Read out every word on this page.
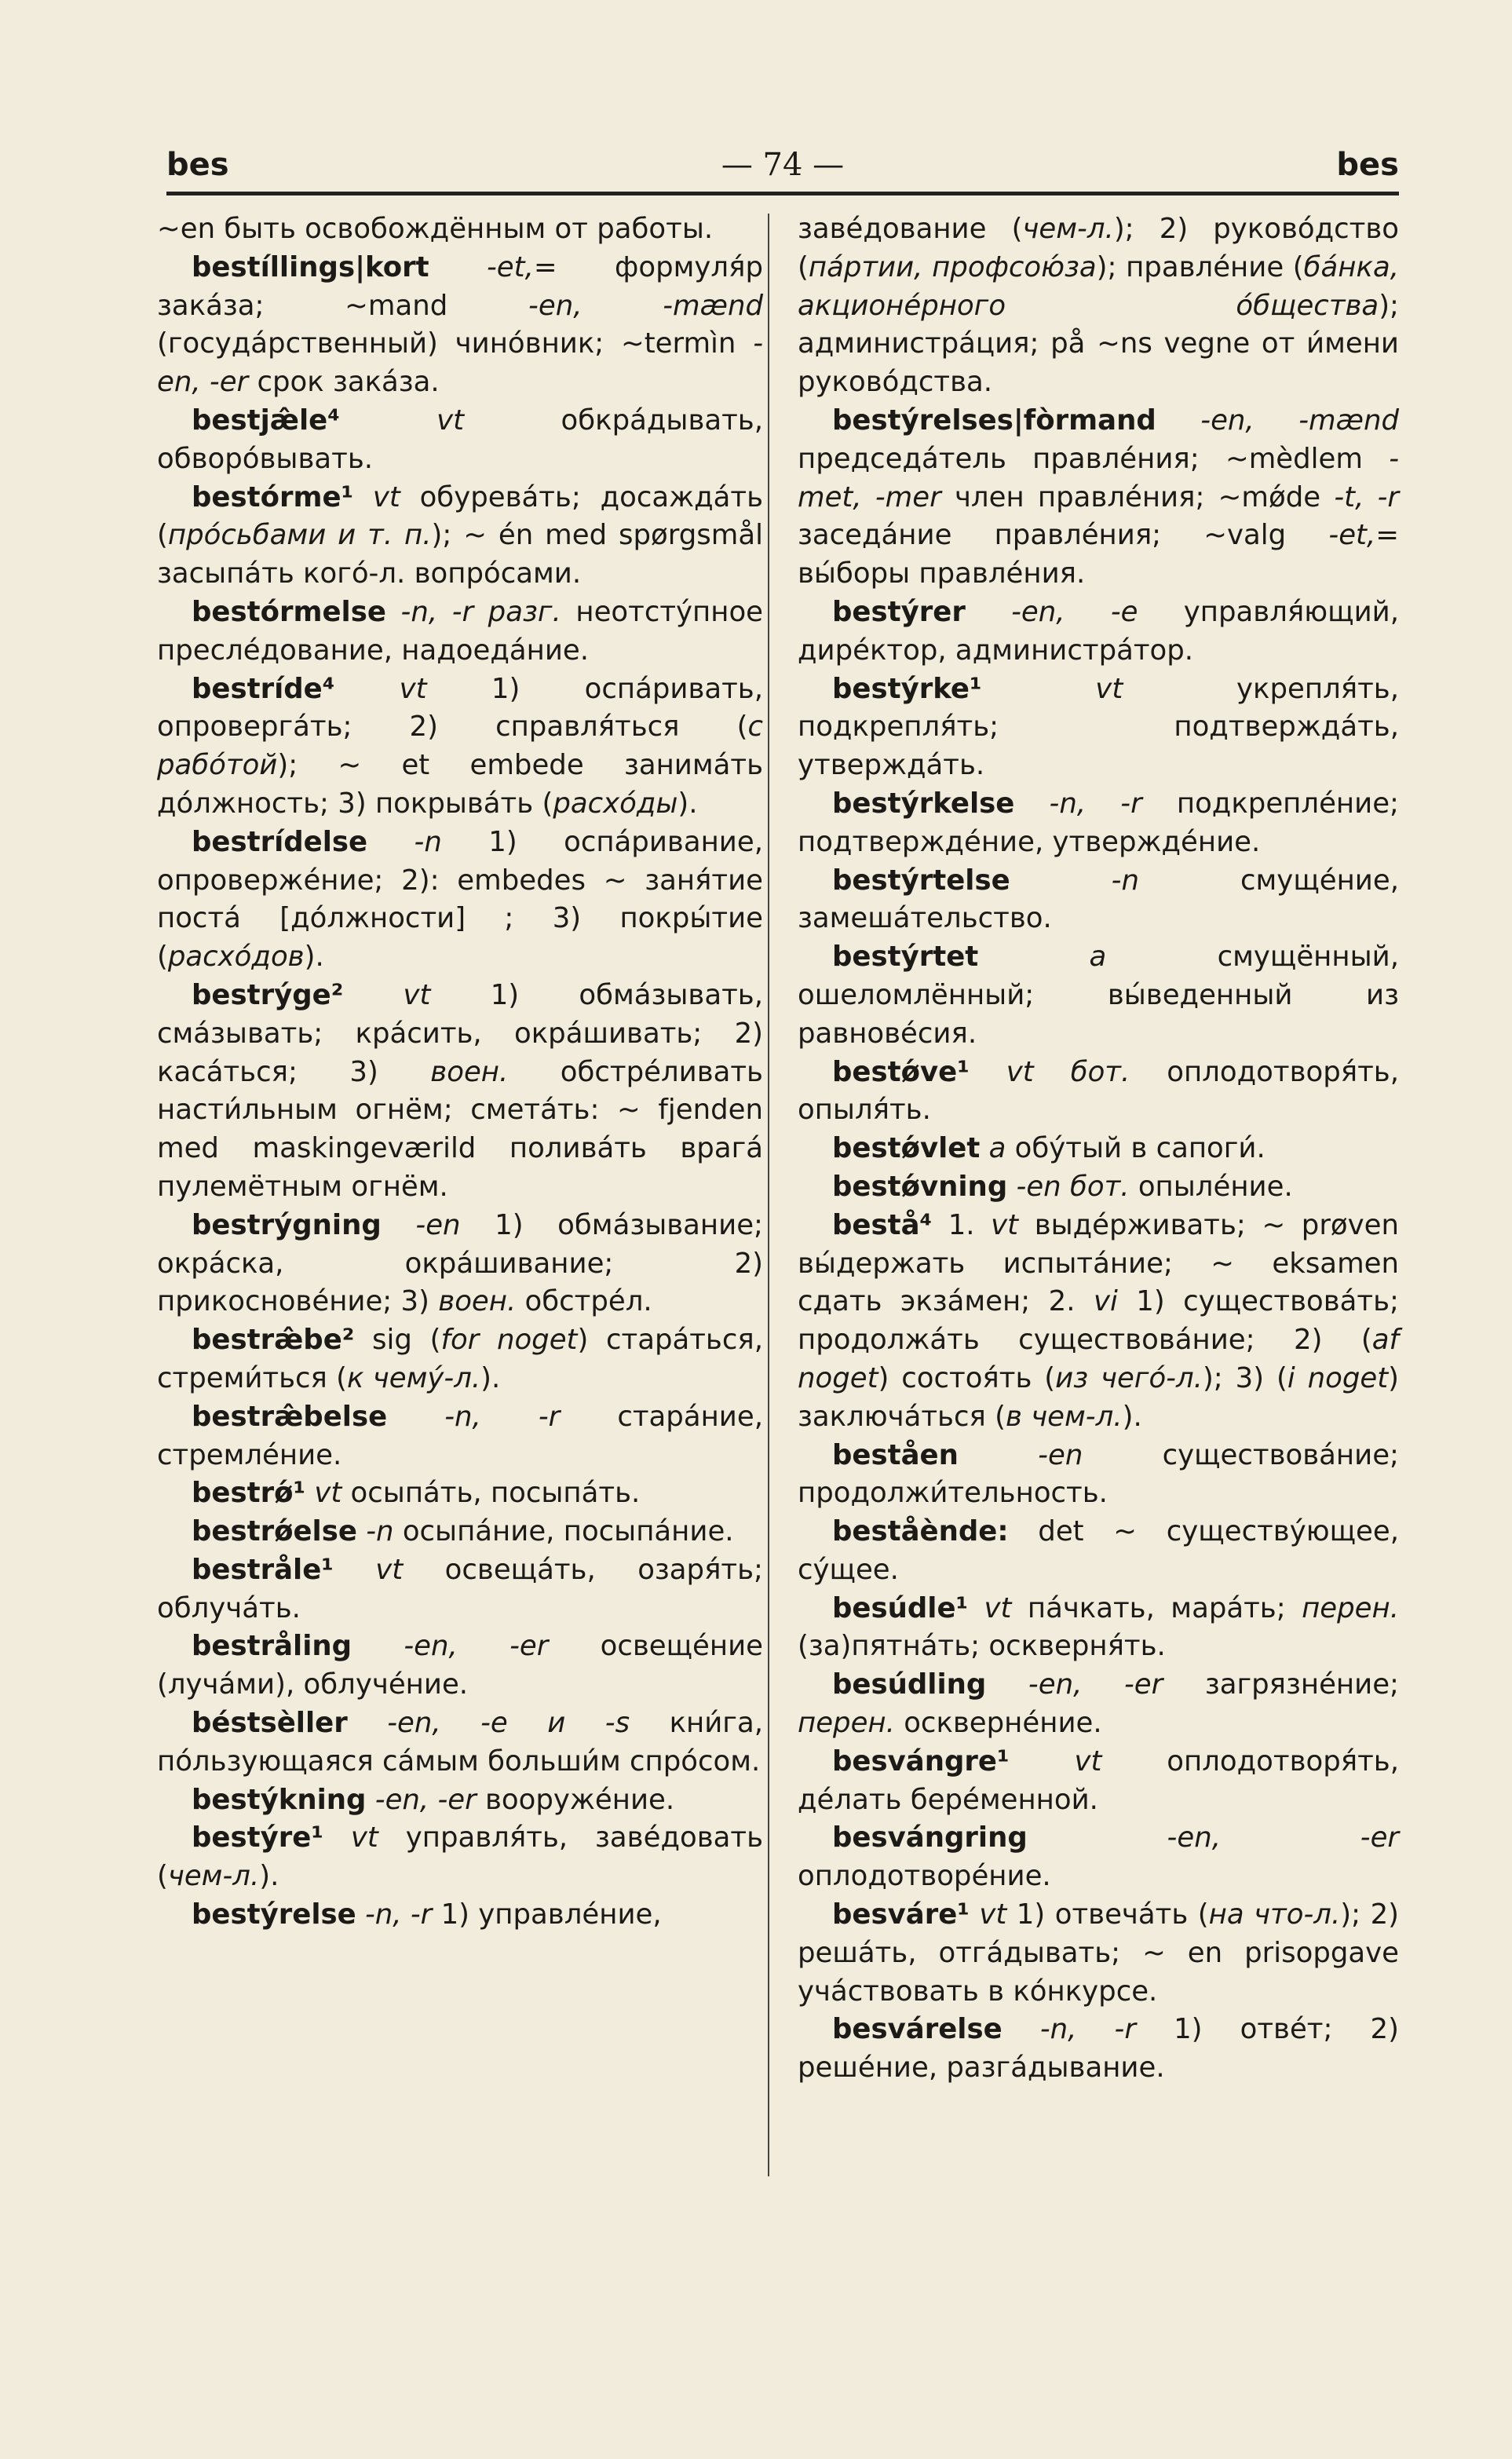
bes	— 74 —	bes

~en быть освобождённым от работы.

bestíllings|kort -et,= формуля́р зака́за; ~mand -en, -mænd (госуда́рственный) чино́вник; ~termìn -en, -er срок зака́за.

bestjæ̂le⁴ vt обкра́дывать, обворо́вывать.

bestórme¹ vt обурева́ть; досажда́ть (про́сьбами и т. п.); ~ én med spørgsmål засыпа́ть кого́-л. вопро́сами.

bestórmelse -n, -r разг. неотсту́пное пресле́дование, надоеда́ние.

bestríde⁴ vt 1) оспа́ривать, опроверга́ть; 2) справля́ться (с рабо́той); ~ et embede занима́ть до́лжность; 3) покрыва́ть (расхо́ды).

bestrídelse -n 1) оспа́ривание, опроверже́ние; 2): embedes ~ заня́тие поста́ [до́лжности] ; 3) покры́тие (расхо́дов).

bestrýge² vt 1) обма́зывать, сма́зывать; кра́сить, окра́шивать; 2) каса́ться; 3) воен. обстре́ливать насти́льным огнём; смета́ть: ~ fjenden med maskingeværild полива́ть врага́ пулемётным огнём.

bestrýgning -en 1) обма́зывание; окра́ска, окра́шивание; 2) прикоснове́ние; 3) воен. обстре́л.

bestræ̂be² sig (for noget) стара́ться, стреми́ться (к чему́-л.).

bestræ̂belse -n, -r стара́ние, стремле́ние.

bestrǿ¹ vt осыпа́ть, посыпа́ть.

bestrǿelse -n осыпа́ние, посыпа́ние.

bestråle¹ vt освеща́ть, озаря́ть; облуча́ть.

bestråling -en, -er освеще́ние (луча́ми), облуче́ние.

béstsèller -en, -e и -s кни́га, по́льзующаяся са́мым больши́м спро́сом.

bestýkning -en, -er вооруже́ние.

bestýre¹ vt управля́ть, заве́довать (чем-л.).

bestýrelse -n, -r 1) управле́ние,

заве́дование (чем-л.); 2) руково́дство (па́ртии, профсою́за); правле́ние (ба́нка, акционе́рного о́бщества); администра́ция; på ~ns vegne от и́мени руково́дства.

bestýrelses|fòrmand -en, -mænd председа́тель правле́ния; ~mèdlem -met, -mer член правле́ния; ~mǿde -t, -r заседа́ние правле́ния; ~valg -et,= вы́боры правле́ния.

bestýrer -en, -e управля́ющий, дире́ктор, администра́тор.

bestýrke¹ vt укрепля́ть, подкрепля́ть; подтвержда́ть, утвержда́ть.

bestýrkelse -n, -r подкрепле́ние; подтвержде́ние, утвержде́ние.

bestýrtelse -n смуще́ние, замеша́тельство.

bestýrtet a смущённый, ошеломлённый; вы́веденный из равнове́сия.

bestǿve¹ vt бот. оплодотворя́ть, опыля́ть.

bestǿvlet a обу́тый в сапоги́.

bestǿvning -en бот. опыле́ние.

bestå⁴ 1. vt выде́рживать; ~ prøven вы́держать испыта́ние; ~ eksamen сдать экза́мен; 2. vi 1) существова́ть; продолжа́ть существова́ние; 2) (af noget) состоя́ть (из чего́-л.); 3) (i noget) заключа́ться (в чем-л.).

beståen -en существова́ние; продолжи́тельность.

beståènde: det ~ существу́ющее, су́щее.

besúdle¹ vt па́чкать, мара́ть; перен. (за)пятна́ть; оскверня́ть.

besúdling -en, -er загрязне́ние; перен. оскверне́ние.

besvángre¹ vt оплодотворя́ть, де́лать бере́менной.

besvángring -en, -er оплодотворе́ние.

besváre¹ vt 1) отвеча́ть (на что-л.); 2) реша́ть, отга́дывать; ~ en prisopgave уча́ствовать в ко́нкурсе.

besvárelse -n, -r 1) отве́т; 2) реше́ние, разга́дывание.
